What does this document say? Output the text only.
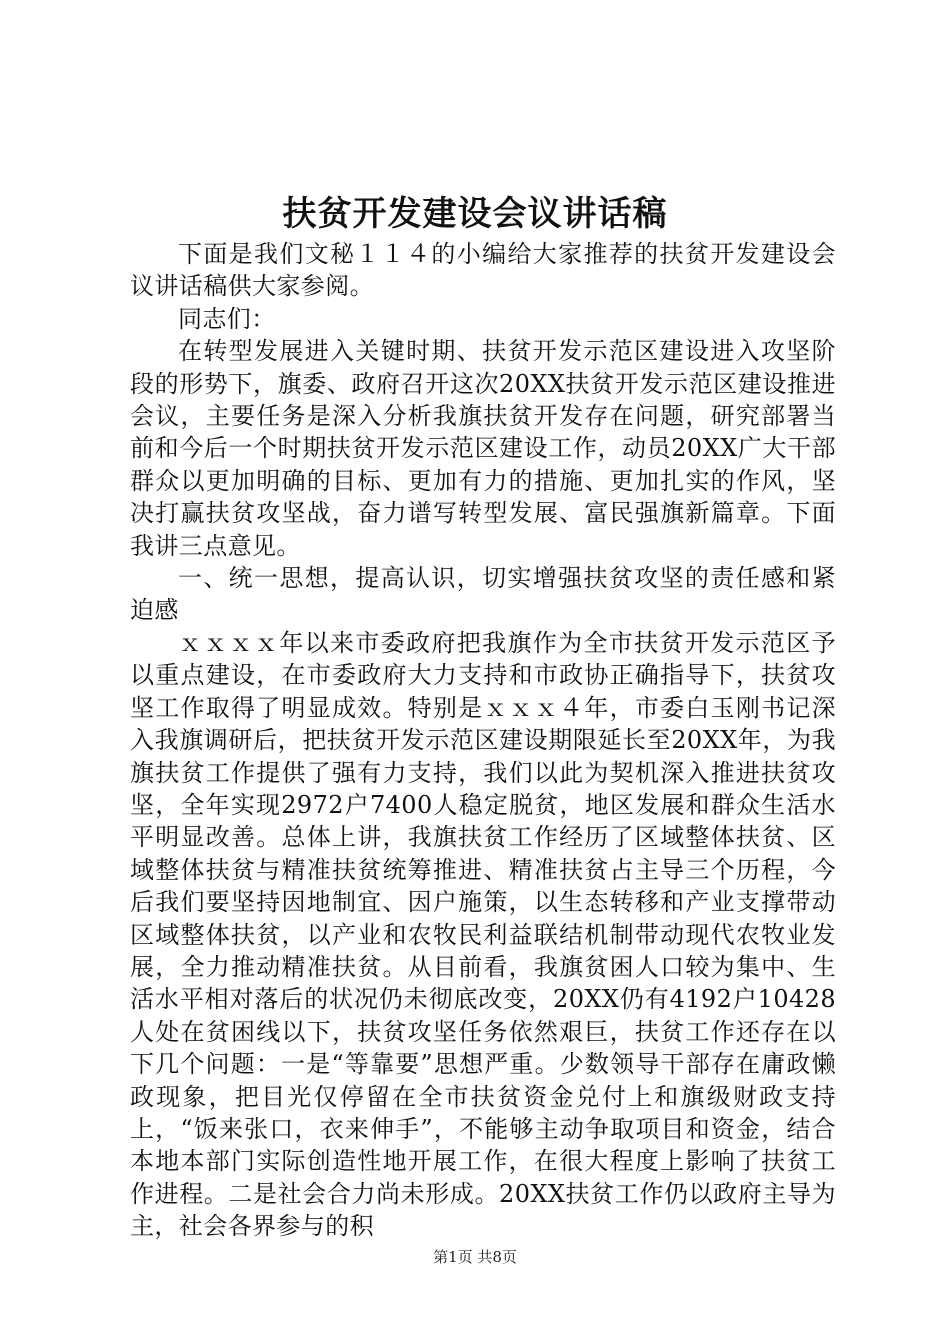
扶贫开发建设会议讲话稿

下面是我们文秘１１４的小编给大家推荐的扶贫开发建设会议讲话稿供大家参阅。

同志们：

在转型发展进入关键时期、扶贫开发示范区建设进入攻坚阶段的形势下，旗委、政府召开这次20XX扶贫开发示范区建设推进会议，主要任务是深入分析我旗扶贫开发存在问题，研究部署当前和今后一个时期扶贫开发示范区建设工作，动员20XX广大干部群众以更加明确的目标、更加有力的措施、更加扎实的作风，坚决打赢扶贫攻坚战，奋力谱写转型发展、富民强旗新篇章。下面我讲三点意见。

一、统一思想，提高认识，切实增强扶贫攻坚的责任感和紧迫感

ｘｘｘｘ年以来市委政府把我旗作为全市扶贫开发示范区予以重点建设，在市委政府大力支持和市政协正确指导下，扶贫攻坚工作取得了明显成效。特别是ｘｘｘ４年，市委白玉刚书记深入我旗调研后，把扶贫开发示范区建设期限延长至20XX年，为我旗扶贫工作提供了强有力支持，我们以此为契机深入推进扶贫攻坚，全年实现2972户7400人稳定脱贫，地区发展和群众生活水平明显改善。总体上讲，我旗扶贫工作经历了区域整体扶贫、区域整体扶贫与精准扶贫统筹推进、精准扶贫占主导三个历程，今后我们要坚持因地制宜、因户施策，以生态转移和产业支撑带动区域整体扶贫，以产业和农牧民利益联结机制带动现代农牧业发展，全力推动精准扶贫。从目前看，我旗贫困人口较为集中、生活水平相对落后的状况仍未彻底改变，20XX仍有4192户10428人处在贫困线以下，扶贫攻坚任务依然艰巨，扶贫工作还存在以下几个问题：一是“等靠要”思想严重。少数领导干部存在庸政懒政现象，把目光仅停留在全市扶贫资金兑付上和旗级财政支持上，“饭来张口，衣来伸手”，不能够主动争取项目和资金，结合本地本部门实际创造性地开展工作，在很大程度上影响了扶贫工作进程。二是社会合力尚未形成。20XX扶贫工作仍以政府主导为主，社会各界参与的积

第1页 共8页
